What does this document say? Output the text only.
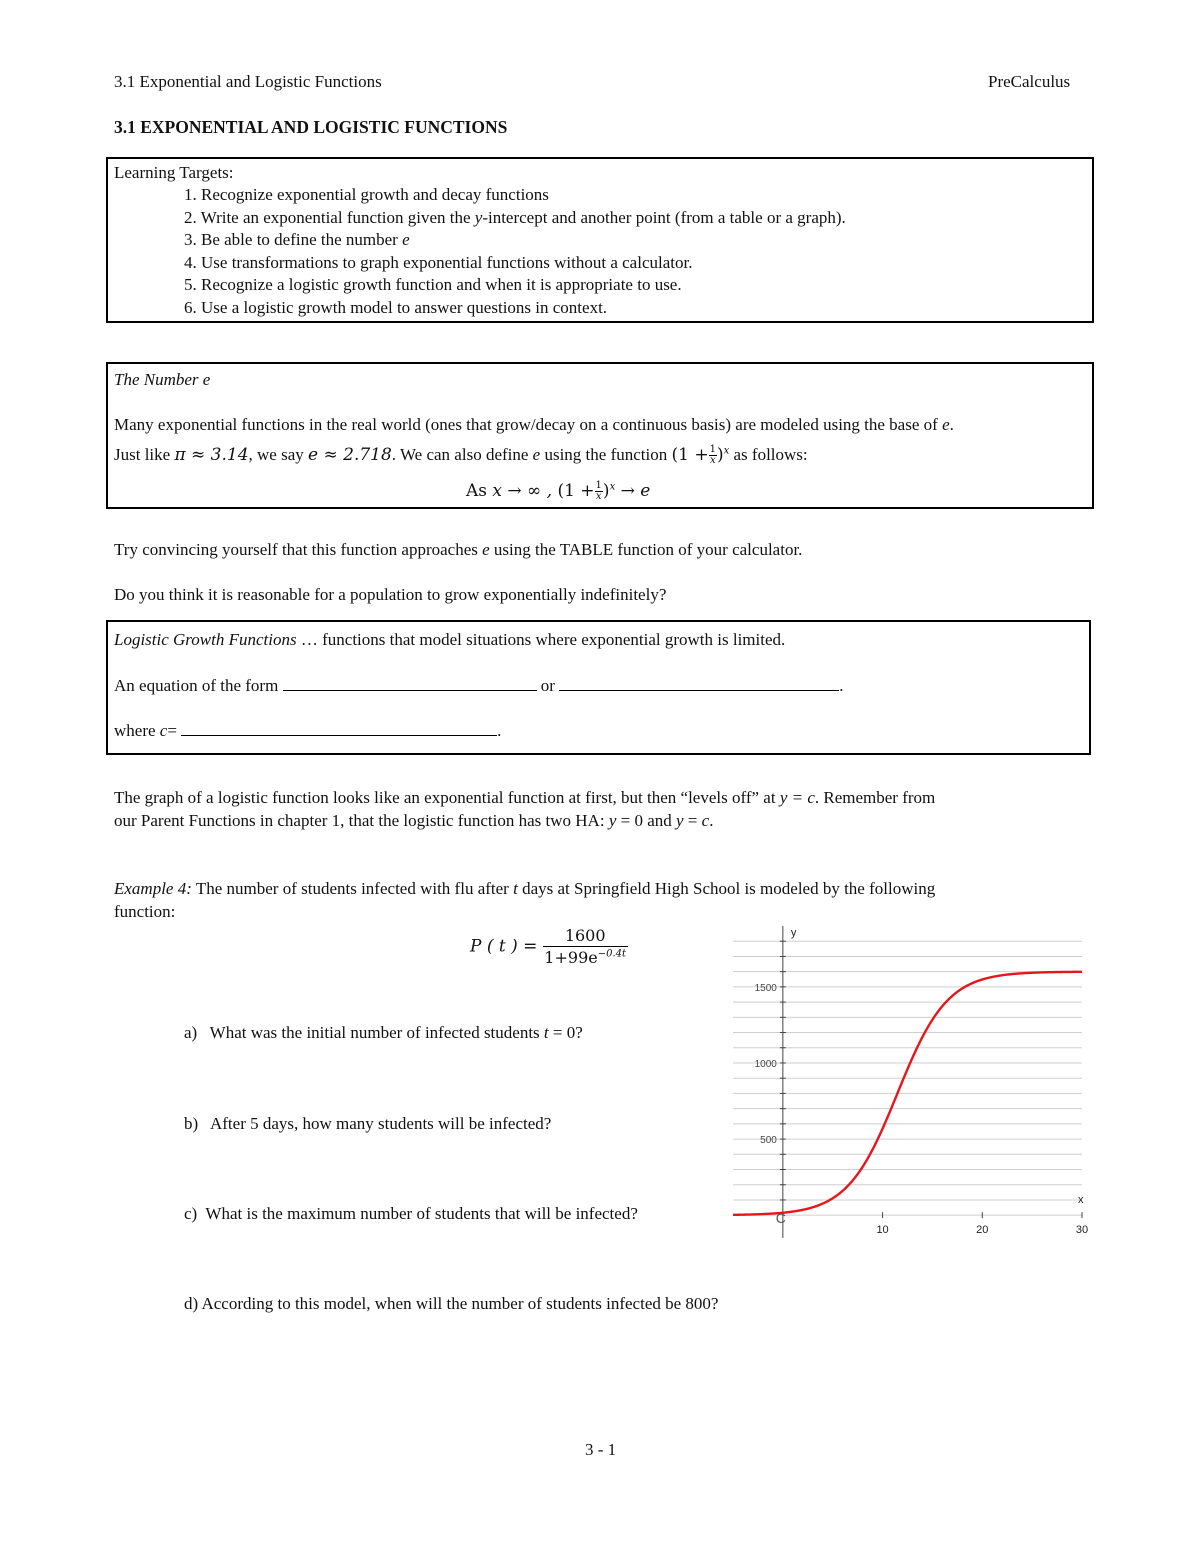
3.1 Exponential and Logistic Functions	PreCalculus
3.1 EXPONENTIAL AND LOGISTIC FUNCTIONS
Learning Targets:
1. Recognize exponential growth and decay functions
2. Write an exponential function given the y-intercept and another point (from a table or a graph).
3. Be able to define the number e
4. Use transformations to graph exponential functions without a calculator.
5. Recognize a logistic growth function and when it is appropriate to use.
6. Use a logistic growth model to answer questions in context.
The Number e
Many exponential functions in the real world (ones that grow/decay on a continuous basis) are modeled using the base of e.
Just like π ≈ 3.14, we say e ≈ 2.718. We can also define e using the function $(1 + \frac{1}{x} )^x$ as follows:
As x → ∞ , $(1 + \frac{1}{x} )^x \to e$
Try convincing yourself that this function approaches e using the TABLE function of your calculator.
Do you think it is reasonable for a population to grow exponentially indefinitely?
Logistic Growth Functions … functions that model situations where exponential growth is limited.
An equation of the form	or	.
where c=	.
The graph of a logistic function looks like an exponential function at first, but then “levels off” at y = c. Remember from
our Parent Functions in chapter 1, that the logistic function has two HA: y = 0 and y = c.
Example 4: The number of students infected with flu after t days at Springfield High School is modeled by the following
function:
P ( t ) = $\frac{1600}{1+99e^{-0.4t}}$
a) What was the initial number of infected students t = 0?
b) After 5 days, how many students will be infected?
c) What is the maximum number of students that will be infected?
d) According to this model, when will the number of students infected be 800?
10	20	30
500
1000
1500
y
x
C
3 - 1
